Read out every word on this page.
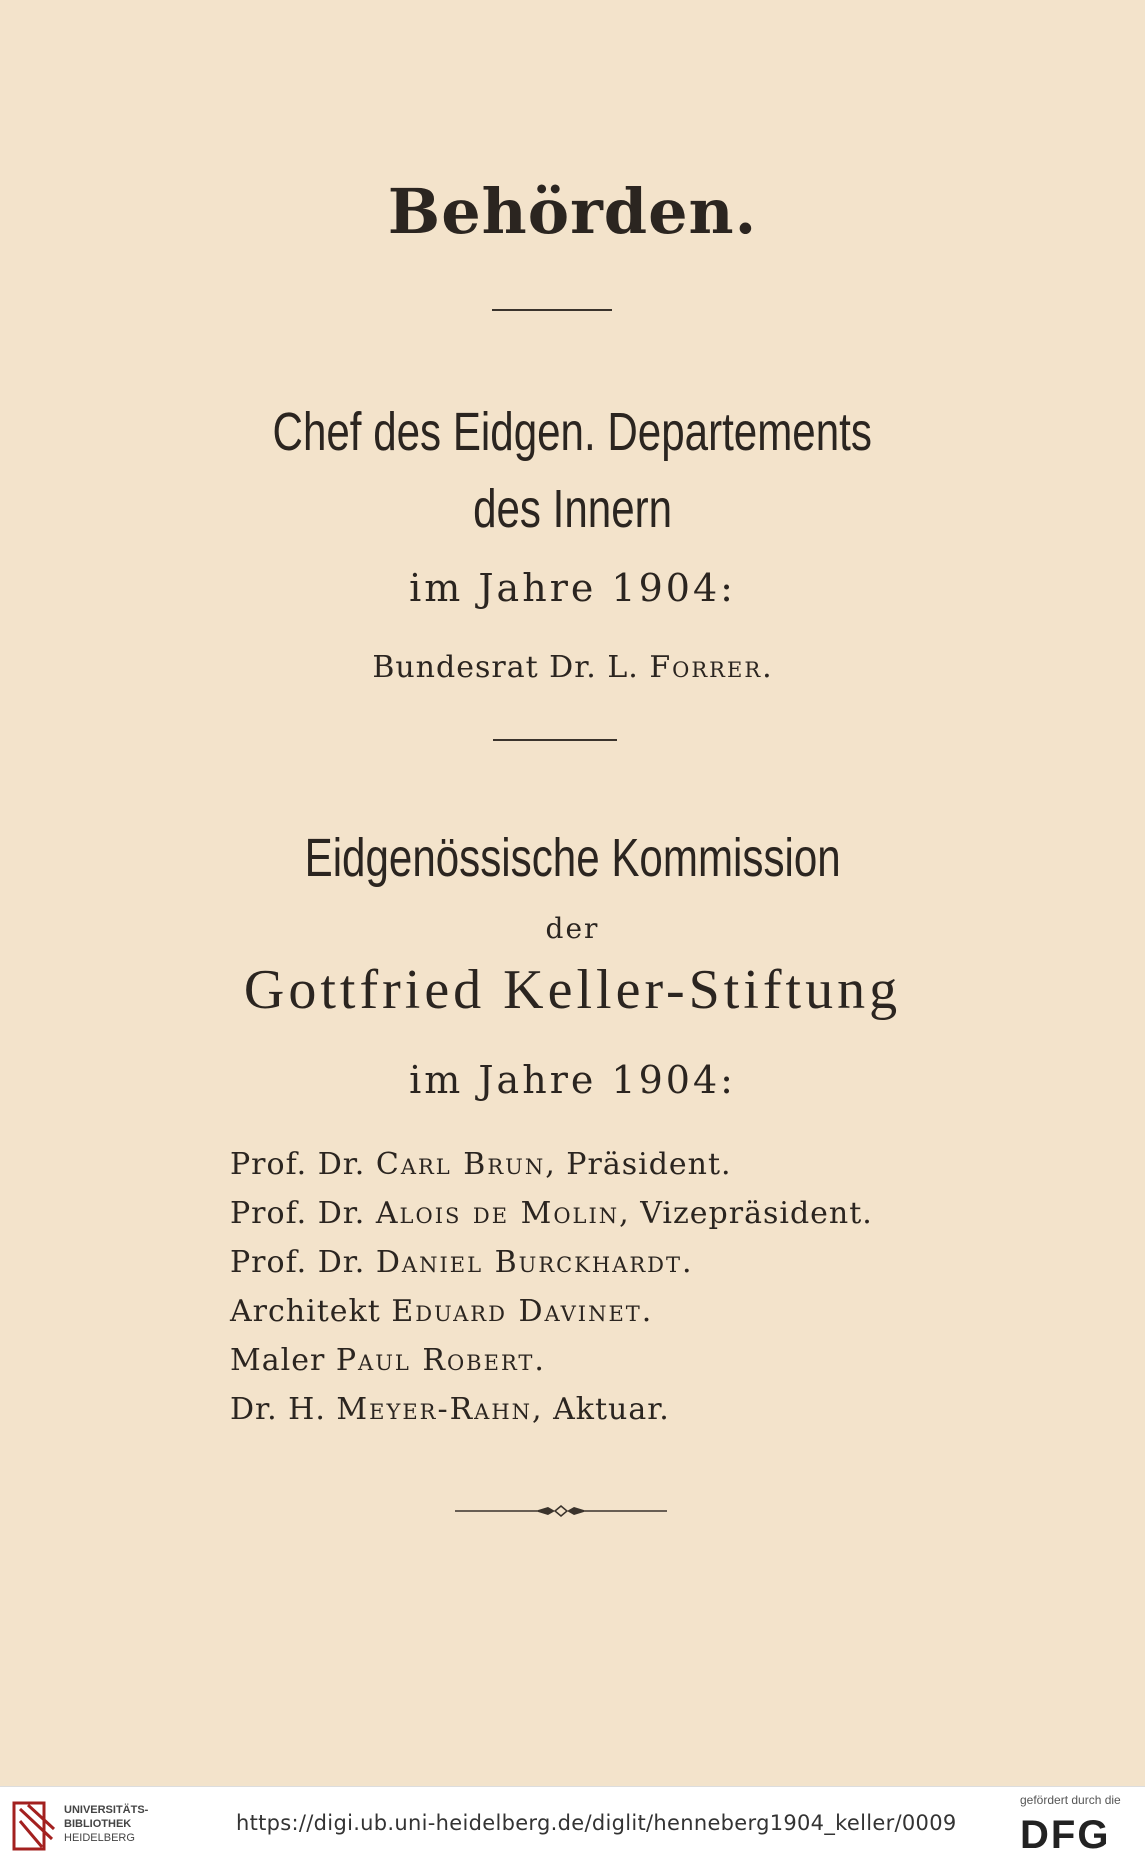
Behörden.
Chef des Eidgen. Departements
des Innern
im Jahre 1904:
Bundesrat Dr. L. Forrer.
Eidgenössische Kommission
der
Gottfried Keller-Stiftung
im Jahre 1904:
Prof. Dr. Carl Brun, Präsident.
Prof. Dr. Alois de Molin, Vizepräsident.
Prof. Dr. Daniel Burckhardt.
Architekt Eduard Davinet.
Maler Paul Robert.
Dr. H. Meyer-Rahn, Aktuar.
UNIVERSITÄTS-
BIBLIOTHEK
HEIDELBERG
https://digi.ub.uni-heidelberg.de/diglit/henneberg1904_keller/0009
gefördert durch die
DFG
